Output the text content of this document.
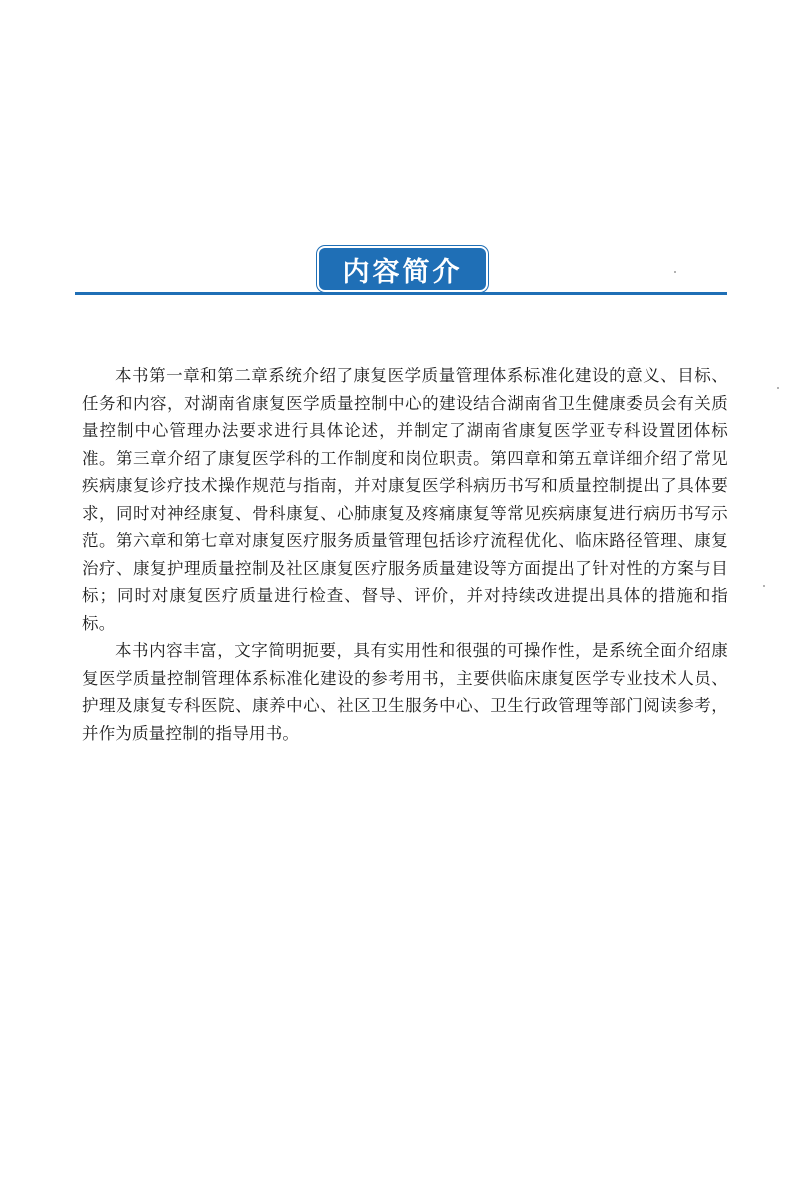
内容简介

本书第一章和第二章系统介绍了康复医学质量管理体系标准化建设的意义、目标、任务和内容，对湖南省康复医学质量控制中心的建设结合湖南省卫生健康委员会有关质量控制中心管理办法要求进行具体论述，并制定了湖南省康复医学亚专科设置团体标准。第三章介绍了康复医学科的工作制度和岗位职责。第四章和第五章详细介绍了常见疾病康复诊疗技术操作规范与指南，并对康复医学科病历书写和质量控制提出了具体要求，同时对神经康复、骨科康复、心肺康复及疼痛康复等常见疾病康复进行病历书写示范。第六章和第七章对康复医疗服务质量管理包括诊疗流程优化、临床路径管理、康复治疗、康复护理质量控制及社区康复医疗服务质量建设等方面提出了针对性的方案与目标；同时对康复医疗质量进行检查、督导、评价，并对持续改进提出具体的措施和指标。

本书内容丰富，文字简明扼要，具有实用性和很强的可操作性，是系统全面介绍康复医学质量控制管理体系标准化建设的参考用书，主要供临床康复医学专业技术人员、护理及康复专科医院、康养中心、社区卫生服务中心、卫生行政管理等部门阅读参考，并作为质量控制的指导用书。
